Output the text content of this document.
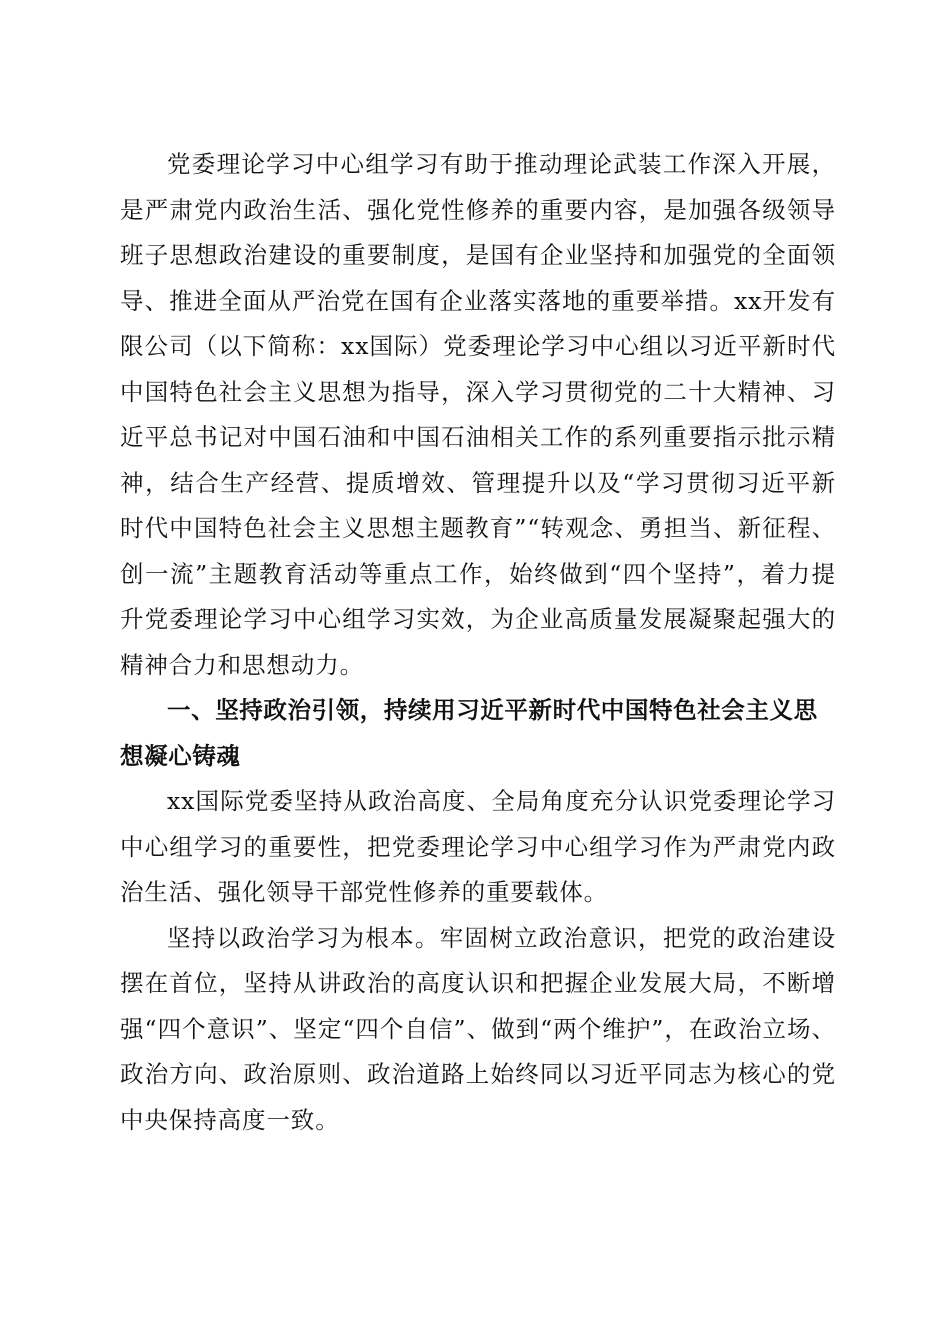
党委理论学习中心组学习有助于推动理论武装工作深入开展，是严肃党内政治生活、强化党性修养的重要内容，是加强各级领导班子思想政治建设的重要制度，是国有企业坚持和加强党的全面领导、推进全面从严治党在国有企业落实落地的重要举措。xx开发有限公司（以下简称：xx国际）党委理论学习中心组以习近平新时代中国特色社会主义思想为指导，深入学习贯彻党的二十大精神、习近平总书记对中国石油和中国石油相关工作的系列重要指示批示精神，结合生产经营、提质增效、管理提升以及“学习贯彻习近平新时代中国特色社会主义思想主题教育”“转观念、勇担当、新征程、创一流”主题教育活动等重点工作，始终做到“四个坚持”，着力提升党委理论学习中心组学习实效，为企业高质量发展凝聚起强大的精神合力和思想动力。

一、坚持政治引领，持续用习近平新时代中国特色社会主义思想凝心铸魂

xx国际党委坚持从政治高度、全局角度充分认识党委理论学习中心组学习的重要性，把党委理论学习中心组学习作为严肃党内政治生活、强化领导干部党性修养的重要载体。

坚持以政治学习为根本。牢固树立政治意识，把党的政治建设摆在首位，坚持从讲政治的高度认识和把握企业发展大局，不断增强“四个意识”、坚定“四个自信”、做到“两个维护”，在政治立场、政治方向、政治原则、政治道路上始终同以习近平同志为核心的党中央保持高度一致。
